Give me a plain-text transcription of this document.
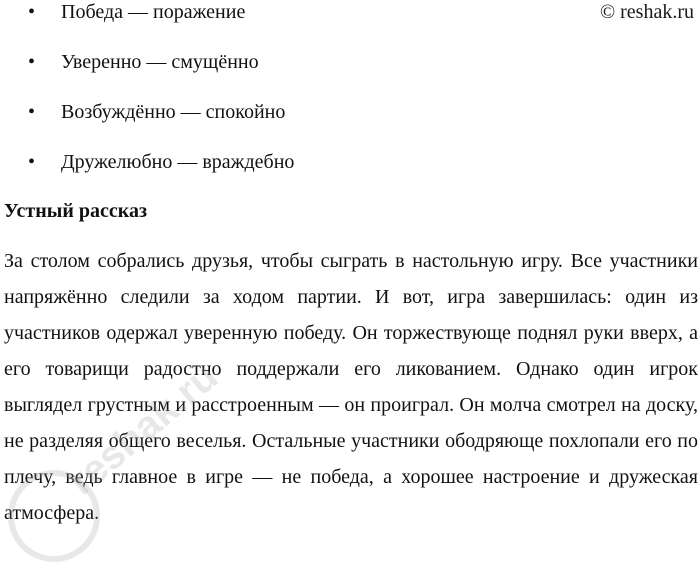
© reshak.ru
• Победа — поражение
• Уверенно — смущённо
• Возбуждённо — спокойно
• Дружелюбно — враждебно
Устный рассказ

За столом собрались друзья, чтобы сыграть в настольную игру. Все участники напряжённо следили за ходом партии. И вот, игра завершилась: один из участников одержал уверенную победу. Он торжествующе поднял руки вверх, а его товарищи радостно поддержали его ликованием. Однако один игрок выглядел грустным и расстроенным — он проиграл. Он молча смотрел на доску, не разделяя общего веселья. Остальные участники ободряюще похлопали его по плечу, ведь главное в игре — не победа, а хорошее настроение и дружеская атмосфера.

reshak.ru
